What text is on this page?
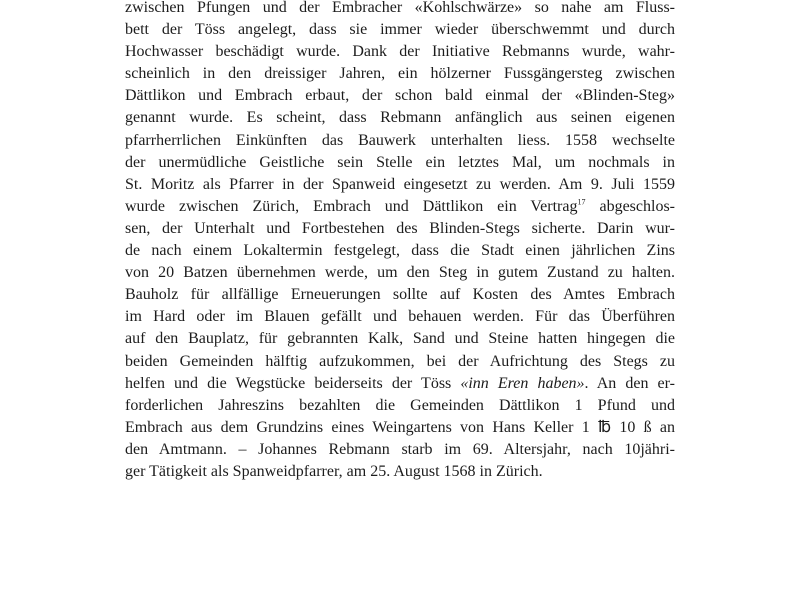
zwischen Pfungen und der Embracher «Kohlschwärze» so nahe am Fluss-
bett der Töss angelegt, dass sie immer wieder überschwemmt und durch
Hochwasser beschädigt wurde. Dank der Initiative Rebmanns wurde, wahr-
scheinlich in den dreissiger Jahren, ein hölzerner Fussgängersteg zwischen
Dättlikon und Embrach erbaut, der schon bald einmal der «Blinden-Steg»
genannt wurde. Es scheint, dass Rebmann anfänglich aus seinen eigenen
pfarrherrlichen Einkünften das Bauwerk unterhalten liess. 1558 wechselte
der unermüdliche Geistliche sein Stelle ein letztes Mal, um nochmals in
St. Moritz als Pfarrer in der Spanweid eingesetzt zu werden. Am 9. Juli 1559
wurde zwischen Zürich, Embrach und Dättlikon ein Vertrag$^{17}$ abgeschlos-
sen, der Unterhalt und Fortbestehen des Blinden-Stegs sicherte. Darin wur-
de nach einem Lokaltermin festgelegt, dass die Stadt einen jährlichen Zins
von 20 Batzen übernehmen werde, um den Steg in gutem Zustand zu halten.
Bauholz für allfällige Erneuerungen sollte auf Kosten des Amtes Embrach
im Hard oder im Blauen gefällt und behauen werden. Für das Überführen
auf den Bauplatz, für gebrannten Kalk, Sand und Steine hatten hingegen die
beiden Gemeinden hälftig aufzukommen, bei der Aufrichtung des Stegs zu
helfen und die Wegstücke beiderseits der Töss «inn Eren haben». An den er-
forderlichen Jahreszins bezahlten die Gemeinden Dättlikon 1 Pfund und
Embrach aus dem Grundzins eines Weingartens von Hans Keller 1 ℔ 10 ß an
den Amtmann. – Johannes Rebmann starb im 69. Altersjahr, nach 10jähri-
ger Tätigkeit als Spanweidpfarrer, am 25. August 1568 in Zürich.
